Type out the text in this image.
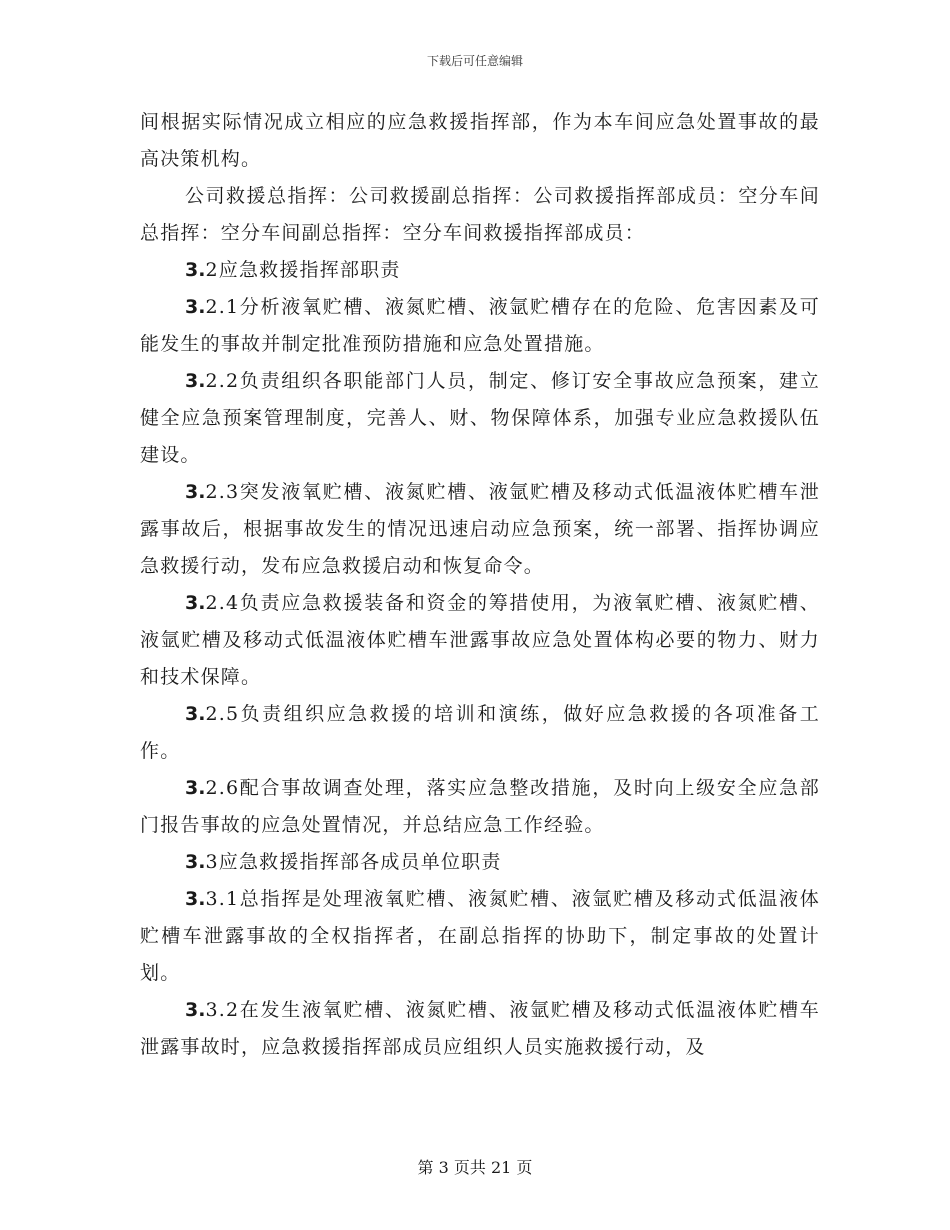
下载后可任意编辑

间根据实际情况成立相应的应急救援指挥部，作为本车间应急处置事故的最高决策机构。

公司救援总指挥：公司救援副总指挥：公司救援指挥部成员：空分车间总指挥：空分车间副总指挥：空分车间救援指挥部成员：

3.2应急救援指挥部职责

3.2.1分析液氧贮槽、液氮贮槽、液氩贮槽存在的危险、危害因素及可能发生的事故并制定批准预防措施和应急处置措施。

3.2.2负责组织各职能部门人员，制定、修订安全事故应急预案，建立健全应急预案管理制度，完善人、财、物保障体系，加强专业应急救援队伍建设。

3.2.3突发液氧贮槽、液氮贮槽、液氩贮槽及移动式低温液体贮槽车泄露事故后，根据事故发生的情况迅速启动应急预案，统一部署、指挥协调应急救援行动，发布应急救援启动和恢复命令。

3.2.4负责应急救援装备和资金的筹措使用，为液氧贮槽、液氮贮槽、液氩贮槽及移动式低温液体贮槽车泄露事故应急处置体构必要的物力、财力和技术保障。

3.2.5负责组织应急救援的培训和演练，做好应急救援的各项准备工作。

3.2.6配合事故调查处理，落实应急整改措施，及时向上级安全应急部门报告事故的应急处置情况，并总结应急工作经验。

3.3应急救援指挥部各成员单位职责

3.3.1总指挥是处理液氧贮槽、液氮贮槽、液氩贮槽及移动式低温液体贮槽车泄露事故的全权指挥者，在副总指挥的协助下，制定事故的处置计划。

3.3.2在发生液氧贮槽、液氮贮槽、液氩贮槽及移动式低温液体贮槽车泄露事故时，应急救援指挥部成员应组织人员实施救援行动，及

第 3 页共 21 页
